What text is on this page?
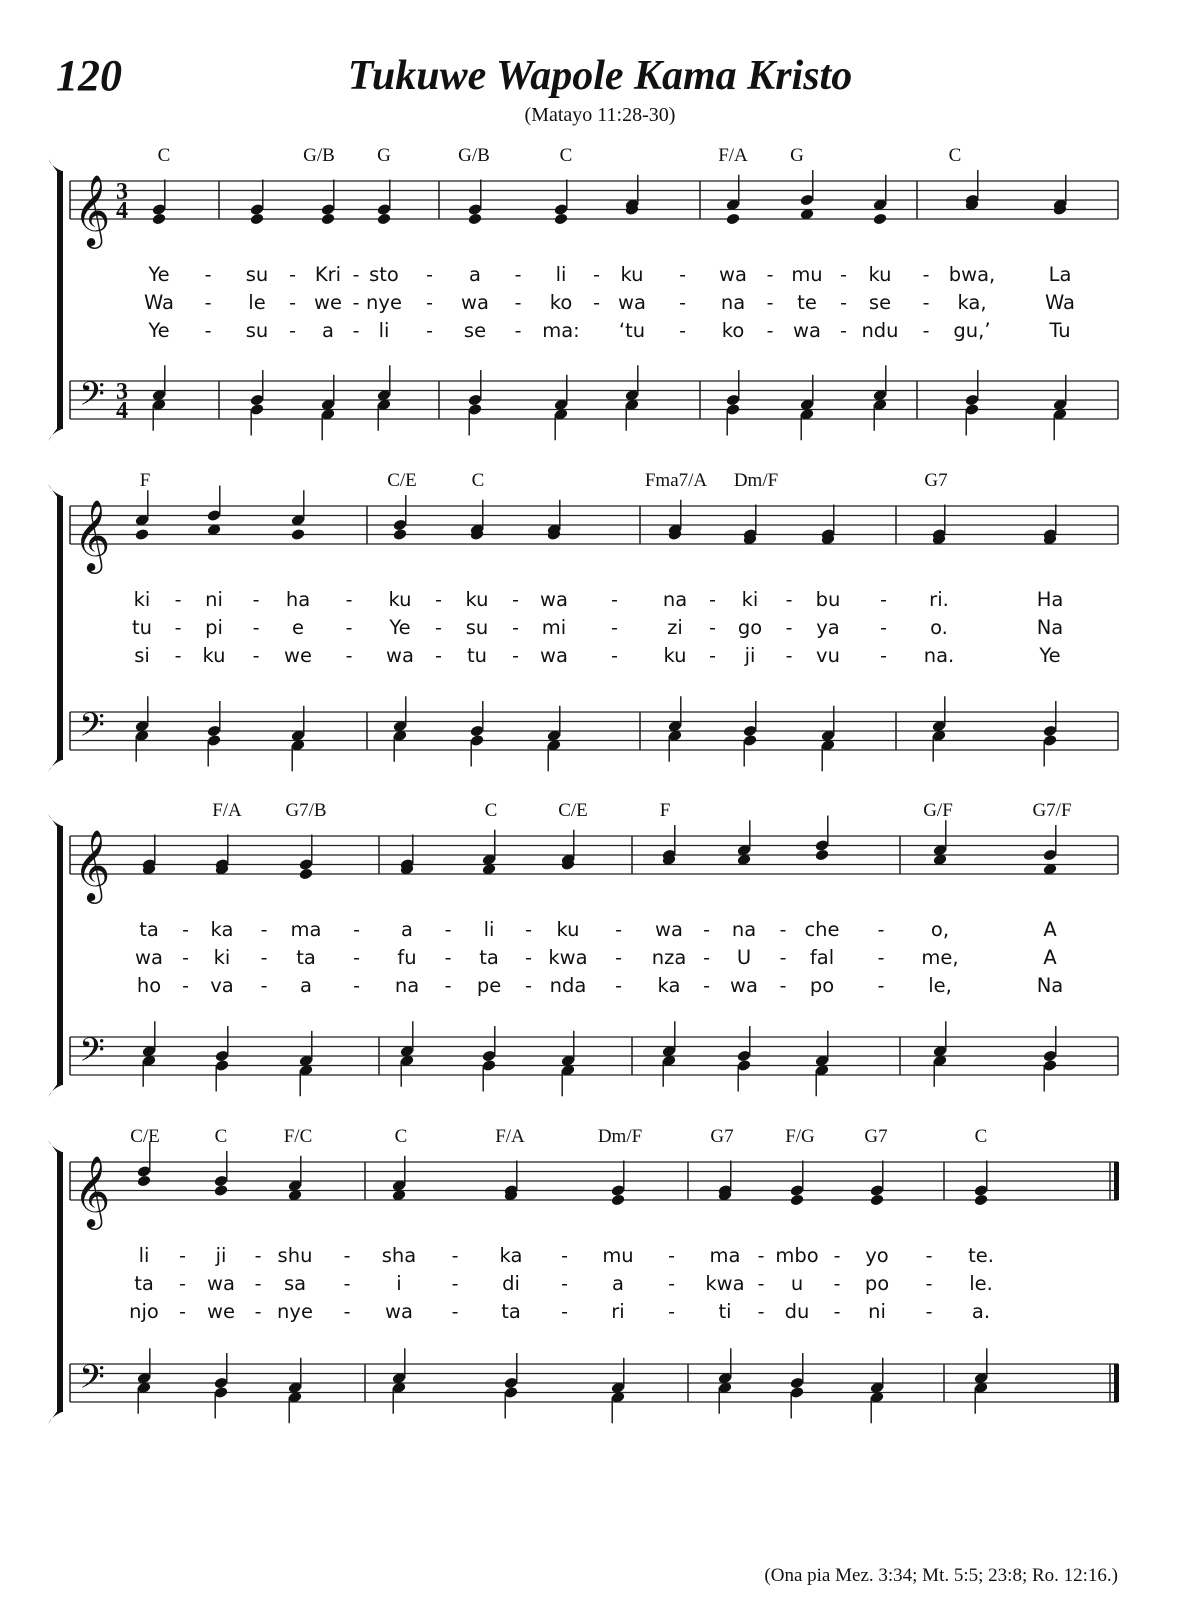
120	Tukuwe Wapole Kama Kristo
(Matayo 11:28-30)
𝄞 3
4
𝄢 3
4
C	G/B G	G/B	C	F/A G	C
Ye - su - Kri - sto - a - li - ku - wa - mu - ku - bwa,	La
Wa - le - we - nye - wa - ko - wa - na - te - se - ka,	Wa
Ye - su - a - li - se - ma: ‘tu - ko - wa - ndu - gu,’	Tu
𝄞
𝄢
F	C/E	C	Fma7/A Dm/F	G7
ki - ni - ha - ku - ku - wa - na - ki - bu - ri.	Ha
tu - pi - e - Ye - su - mi -	zi - go - ya - o.	Na
si - ku - we - wa - tu - wa - ku - ji - vu - na.	Ye
𝄞
𝄢
F/A G7/B	C	C/E	F	G/F	G7/F
ta - ka - ma - a - li - ku - wa - na - che - o,	A
wa - ki - ta - fu - ta - kwa - nza - U - fal - me,	A
ho - va - a - na - pe - nda - ka - wa - po - le,	Na
𝄞
𝄢
C/E	C	F/C	C	F/A	Dm/F	G7	F/G	G7	C
li - ji - shu - sha - ka - mu - ma - mbo - yo - te.
ta - wa - sa - i	- di - a - kwa - u - po - le.
njo - we - nye - wa - ta - ri - ti - du - ni - a.
(Ona pia Mez. 3:34; Mt. 5:5; 23:8; Ro. 12:16.)
